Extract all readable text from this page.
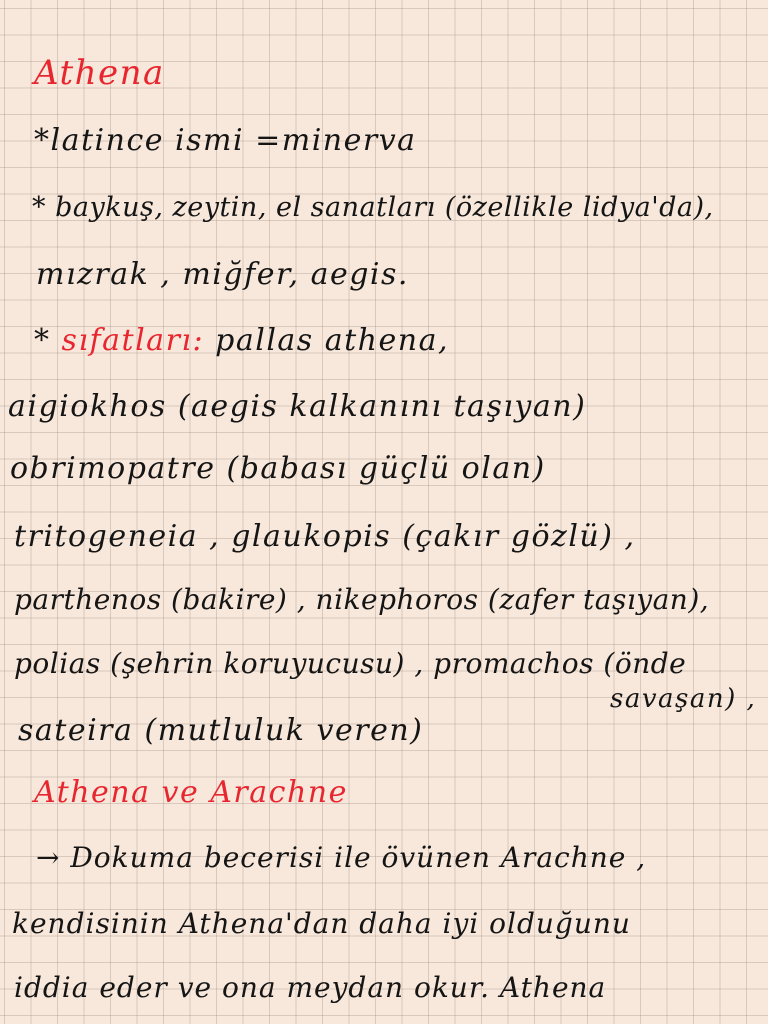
Athena
*latince ismi =minerva
* baykuş, zeytin, el sanatları (özellikle lidya'da),
mızrak , miğfer, aegis.
* sıfatları: pallas athena,
aigiokhos (aegis kalkanını taşıyan)
obrimopatre (babası güçlü olan)
tritogeneia , glaukopis (çakır gözlü) ,
parthenos (bakire) , nikephoros (zafer taşıyan),
polias (şehrin koruyucusu) , promachos (önde
savaşan) ,
sateira (mutluluk veren)
Athena ve Arachne
→ Dokuma becerisi ile övünen Arachne ,
kendisinin Athena'dan daha iyi olduğunu
iddia eder ve ona meydan okur. Athena
